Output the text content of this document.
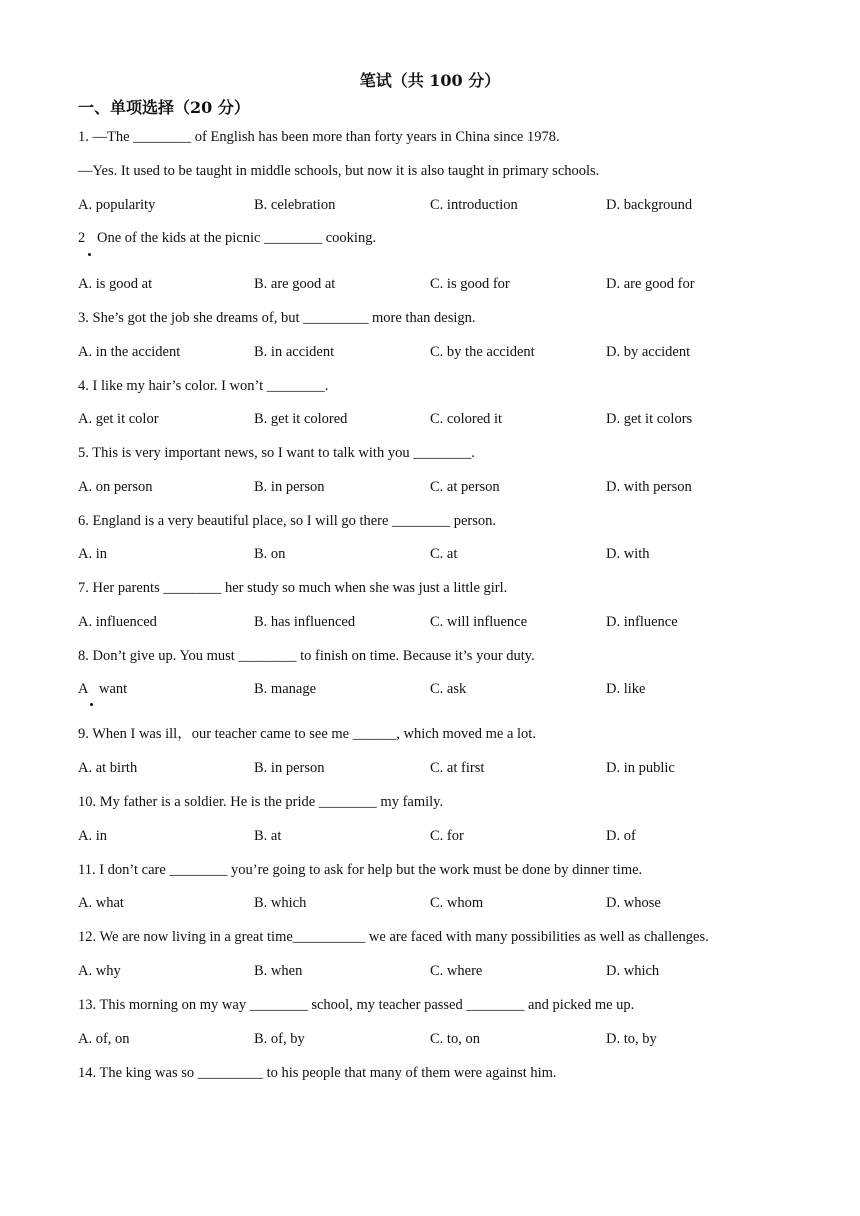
笔试（共 100 分）
一、单项选择（20 分）
1. —The ________ of English has been more than forty years in China since 1978.
—Yes. It used to be taught in middle schools, but now it is also taught in primary schools.
A. popularity	B. celebration	C. introduction	D. background
2 One of the kids at the picnic ________ cooking.
A. is good at	B. are good at	C. is good for	D. are good for
3. She’s got the job she dreams of, but _________ more than design.
A. in the accident	B. in accident	C. by the accident	D. by accident
4. I like my hair’s color. I won’t ________.
A. get it color	B. get it colored	C. colored it	D. get it colors
5. This is very important news, so I want to talk with you ________.
A. on person	B. in person	C. at person	D. with person
6. England is a very beautiful place, so I will go there ________ person.
A. in	B. on	C. at	D. with
7. Her parents ________ her study so much when she was just a little girl.
A. influenced	B. has influenced	C. will influence	D. influence
8. Don’t give up. You must ________ to finish on time. Because it’s your duty.
A want	B. manage	C. ask	D. like
9. When I was ill，our teacher came to see me ______, which moved me a lot.
A. at birth	B. in person	C. at first	D. in public
10. My father is a soldier. He is the pride ________ my family.
A. in	B. at	C. for	D. of
11. I don’t care ________ you’re going to ask for help but the work must be done by dinner time.
A. what	B. which	C. whom	D. whose
12. We are now living in a great time__________ we are faced with many possibilities as well as challenges.
A. why	B. when	C. where	D. which
13. This morning on my way ________ school, my teacher passed ________ and picked me up.
A. of, on	B. of, by	C. to, on	D. to, by
14. The king was so _________ to his people that many of them were against him.
